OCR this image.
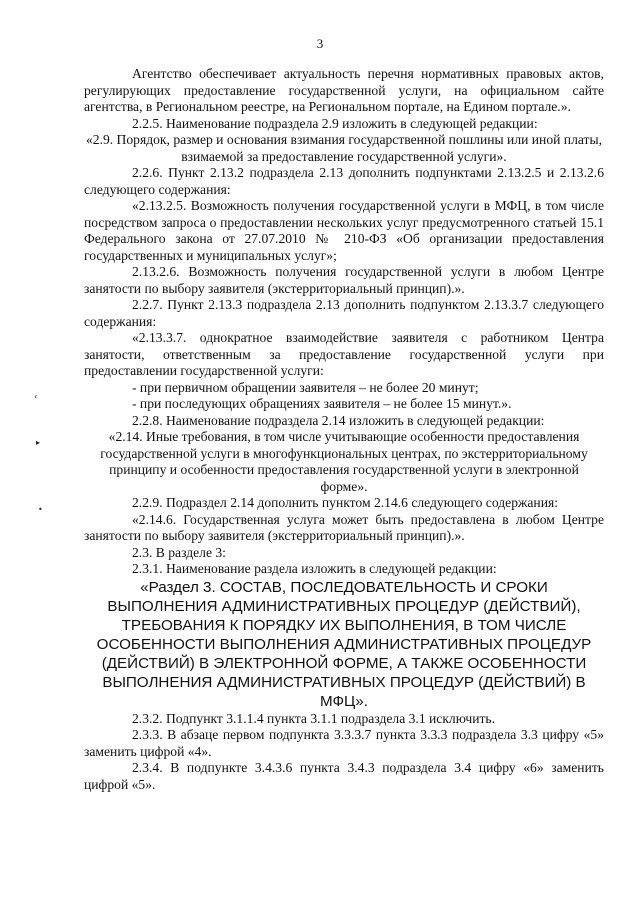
3
‹
▸
•

Агентство обеспечивает актуальность перечня нормативных правовых актов, регулирующих предоставление государственной услуги, на официальном сайте агентства, в Региональном реестре, на Региональном портале, на Едином портале.».

2.2.5. Наименование подраздела 2.9 изложить в следующей редакции:

«2.9. Порядок, размер и основания взимания государственной пошлины или иной платы, взимаемой за предоставление государственной услуги».

2.2.6. Пункт 2.13.2 подраздела 2.13 дополнить подпунктами 2.13.2.5 и 2.13.2.6 следующего содержания:

«2.13.2.5. Возможность получения государственной услуги в МФЦ, в том числе посредством запроса о предоставлении нескольких услуг предусмотренного статьей 15.1 Федерального закона от 27.07.2010 № 210-ФЗ «Об организации предоставления государственных и муниципальных услуг»;

2.13.2.6. Возможность получения государственной услуги в любом Центре занятости по выбору заявителя (экстерриториальный принцип).».

2.2.7. Пункт 2.13.3 подраздела 2.13 дополнить подпунктом 2.13.3.7 следующего содержания:

«2.13.3.7. однократное взаимодействие заявителя с работником Центра занятости, ответственным за предоставление государственной услуги при предоставлении государственной услуги:

- при первичном обращении заявителя – не более 20 минут;

- при последующих обращениях заявителя – не более 15 минут.».

2.2.8. Наименование подраздела 2.14 изложить в следующей редакции:

«2.14. Иные требования, в том числе учитывающие особенности предоставления государственной услуги в многофункциональных центрах, по экстерриториальному принципу и особенности предоставления государственной услуги в электронной форме».

2.2.9. Подраздел 2.14 дополнить пунктом 2.14.6 следующего содержания:

«2.14.6. Государственная услуга может быть предоставлена в любом Центре занятости по выбору заявителя (экстерриториальный принцип).».

2.3. В разделе 3:

2.3.1. Наименование раздела изложить в следующей редакции:

«Раздел 3. СОСТАВ, ПОСЛЕДОВАТЕЛЬНОСТЬ И СРОКИ ВЫПОЛНЕНИЯ АДМИНИСТРАТИВНЫХ ПРОЦЕДУР (ДЕЙСТВИЙ), ТРЕБОВАНИЯ К ПОРЯДКУ ИХ ВЫПОЛНЕНИЯ, В ТОМ ЧИСЛЕ ОСОБЕННОСТИ ВЫПОЛНЕНИЯ АДМИНИСТРАТИВНЫХ ПРОЦЕДУР (ДЕЙСТВИЙ) В ЭЛЕКТРОННОЙ ФОРМЕ, А ТАКЖЕ ОСОБЕННОСТИ ВЫПОЛНЕНИЯ АДМИНИСТРАТИВНЫХ ПРОЦЕДУР (ДЕЙСТВИЙ) В МФЦ».

2.3.2. Подпункт 3.1.1.4 пункта 3.1.1 подраздела 3.1 исключить.

2.3.3. В абзаце первом подпункта 3.3.3.7 пункта 3.3.3 подраздела 3.3 цифру «5» заменить цифрой «4».

2.3.4. В подпункте 3.4.3.6 пункта 3.4.3 подраздела 3.4 цифру «6» заменить цифрой «5».
